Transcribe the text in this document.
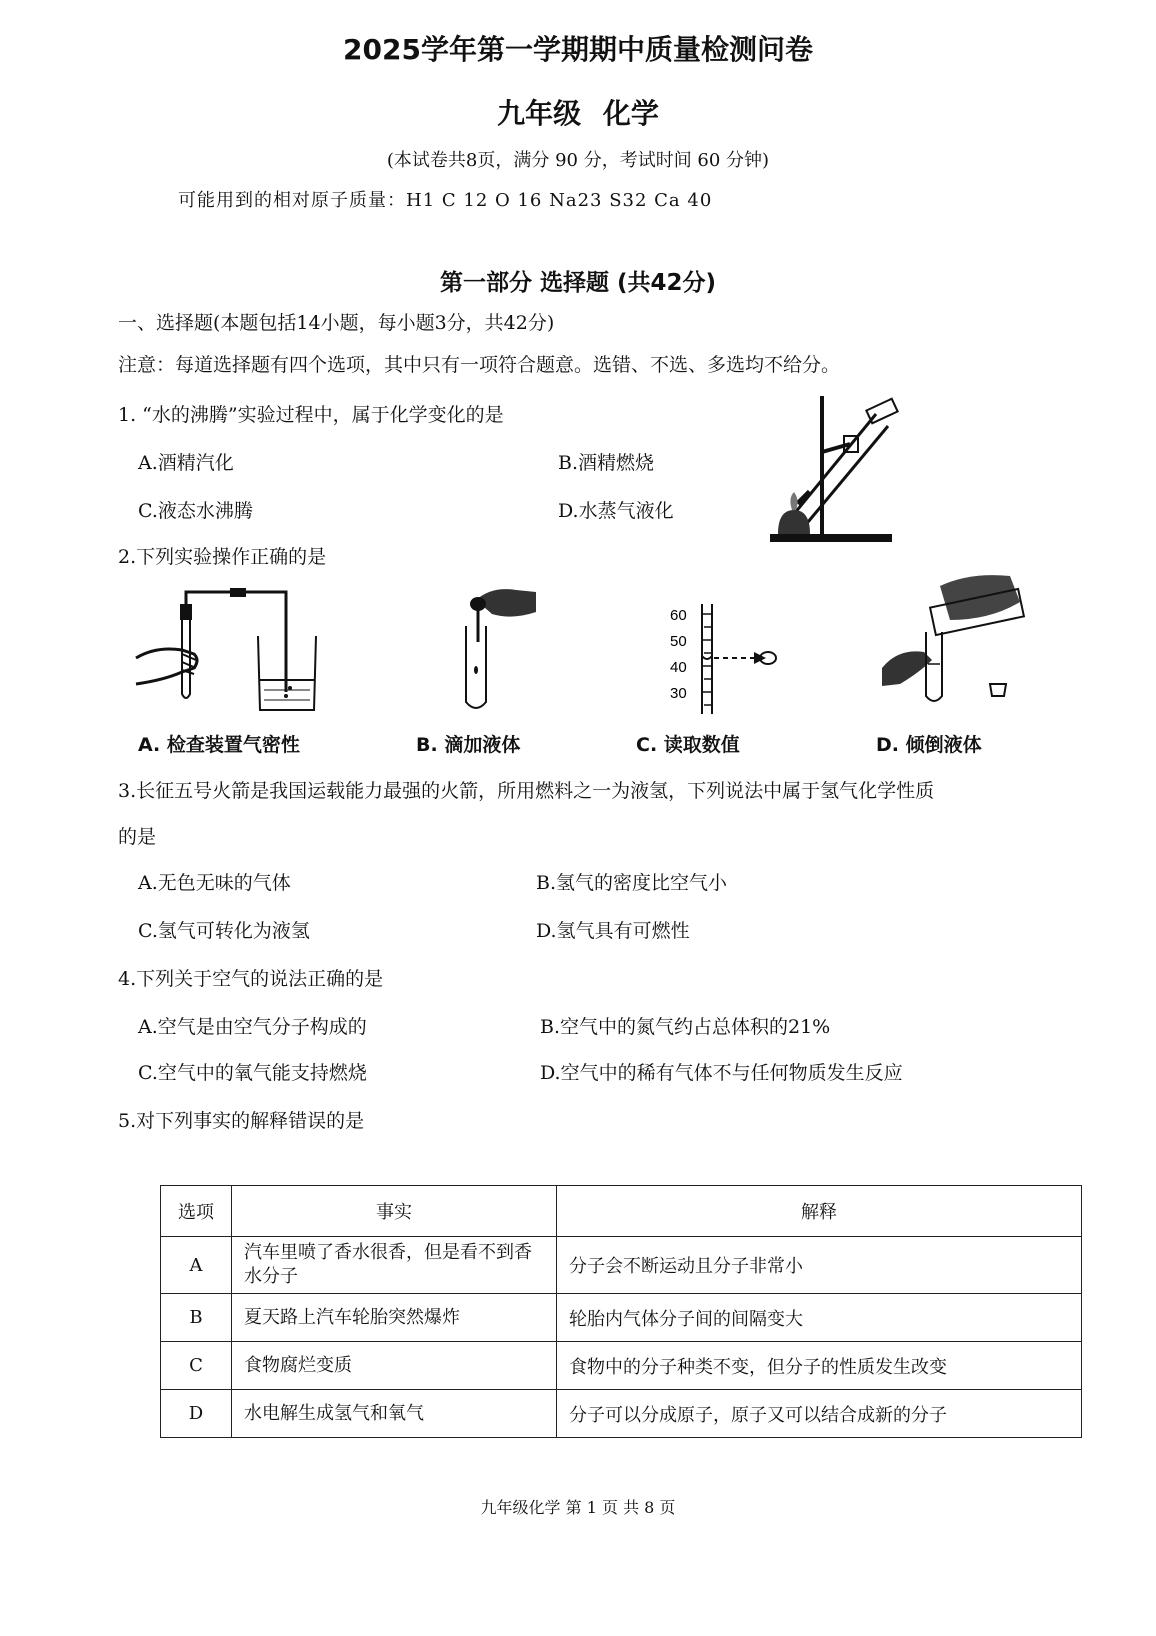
2025学年第一学期期中质量检测问卷
九年级 化学
(本试卷共8页，满分 90 分，考试时间 60 分钟)
可能用到的相对原子质量：H1 C 12 O 16 Na23 S32 Ca 40
第一部分 选择题 (共42分)
一、选择题(本题包括14小题，每小题3分，共42分)
注意：每道选择题有四个选项，其中只有一项符合题意。选错、不选、多选均不给分。
1. “水的沸腾”实验过程中，属于化学变化的是
A.酒精汽化	B.酒精燃烧
C.液态水沸腾	D.水蒸气液化
2.下列实验操作正确的是
60
50
40
30
A. 检查装置气密性	B. 滴加液体	C. 读取数值	D. 倾倒液体
3.长征五号火箭是我国运载能力最强的火箭，所用燃料之一为液氢，下列说法中属于氢气化学性质
的是
A.无色无味的气体	B.氢气的密度比空气小
C.氢气可转化为液氢	D.氢气具有可燃性
4.下列关于空气的说法正确的是
A.空气是由空气分子构成的	B.空气中的氮气约占总体积的21%
C.空气中的氧气能支持燃烧	D.空气中的稀有气体不与任何物质发生反应
5.对下列事实的解释错误的是
选项	事实	解释
A	汽车里喷了香水很香，但是看不到香水分子	分子会不断运动且分子非常小
B	夏天路上汽车轮胎突然爆炸	轮胎内气体分子间的间隔变大
C	食物腐烂变质	食物中的分子种类不变，但分子的性质发生改变
D	水电解生成氢气和氧气	分子可以分成原子，原子又可以结合成新的分子
九年级化学 第 1 页 共 8 页
